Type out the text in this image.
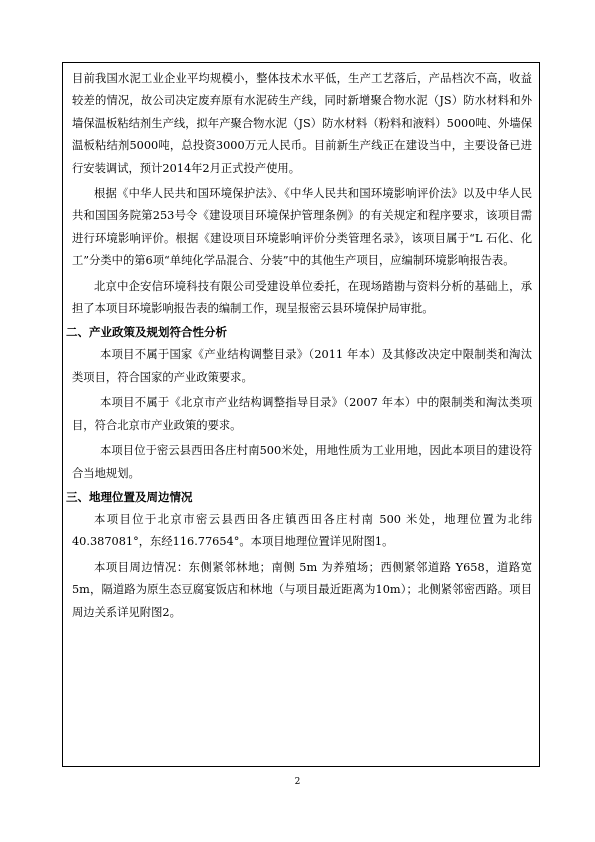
目前我国水泥工业企业平均规模小，整体技术水平低，生产工艺落后，产品档次不高，收益较差的情况，故公司决定废弃原有水泥砖生产线，同时新增聚合物水泥（JS）防水材料和外墙保温板粘结剂生产线，拟年产聚合物水泥（JS）防水材料（粉料和液料）5000吨、外墙保温板粘结剂5000吨，总投资3000万元人民币。目前新生产线正在建设当中，主要设备已进行安装调试，预计2014年2月正式投产使用。

根据《中华人民共和国环境保护法》、《中华人民共和国环境影响评价法》以及中华人民共和国国务院第253号令《建设项目环境保护管理条例》的有关规定和程序要求，该项目需进行环境影响评价。根据《建设项目环境影响评价分类管理名录》，该项目属于“L 石化、化工”分类中的第6项“单纯化学品混合、分装”中的其他生产项目，应编制环境影响报告表。

北京中企安信环境科技有限公司受建设单位委托，在现场踏勘与资料分析的基础上，承担了本项目环境影响报告表的编制工作，现呈报密云县环境保护局审批。

二、产业政策及规划符合性分析

本项目不属于国家《产业结构调整目录》（2011 年本）及其修改决定中限制类和淘汰类项目，符合国家的产业政策要求。

本项目不属于《北京市产业结构调整指导目录》（2007 年本）中的限制类和淘汰类项目，符合北京市产业政策的要求。

本项目位于密云县西田各庄村南500米处，用地性质为工业用地，因此本项目的建设符合当地规划。

三、地理位置及周边情况

本项目位于北京市密云县西田各庄镇西田各庄村南 500 米处，地理位置为北纬40.387081°，东经116.77654°。本项目地理位置详见附图1。

本项目周边情况：东侧紧邻林地；南侧 5m 为养殖场；西侧紧邻道路 Y658，道路宽5m，隔道路为原生态豆腐宴饭店和林地（与项目最近距离为10m）；北侧紧邻密西路。项目周边关系详见附图2。

2
